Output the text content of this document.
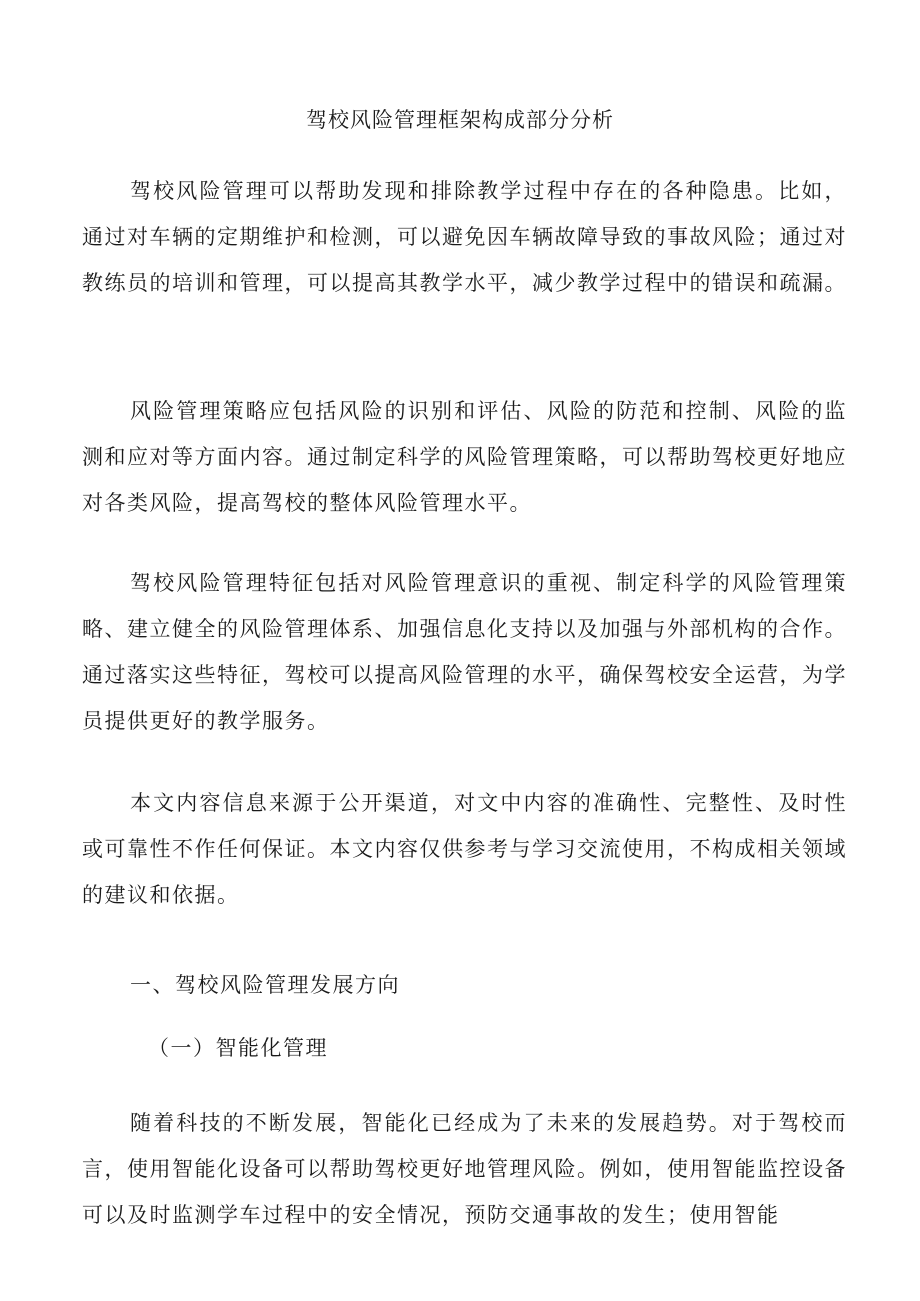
驾校风险管理框架构成部分分析

驾校风险管理可以帮助发现和排除教学过程中存在的各种隐患。比如，通过对车辆的定期维护和检测，可以避免因车辆故障导致的事故风险；通过对教练员的培训和管理，可以提高其教学水平，减少教学过程中的错误和疏漏。

风险管理策略应包括风险的识别和评估、风险的防范和控制、风险的监测和应对等方面内容。通过制定科学的风险管理策略，可以帮助驾校更好地应对各类风险，提高驾校的整体风险管理水平。

驾校风险管理特征包括对风险管理意识的重视、制定科学的风险管理策略、建立健全的风险管理体系、加强信息化支持以及加强与外部机构的合作。通过落实这些特征，驾校可以提高风险管理的水平，确保驾校安全运营，为学员提供更好的教学服务。

本文内容信息来源于公开渠道，对文中内容的准确性、完整性、及时性或可靠性不作任何保证。本文内容仅供参考与学习交流使用，不构成相关领域的建议和依据。

一、驾校风险管理发展方向
（一）智能化管理

随着科技的不断发展，智能化已经成为了未来的发展趋势。对于驾校而言，使用智能化设备可以帮助驾校更好地管理风险。例如，使用智能监控设备可以及时监测学车过程中的安全情况，预防交通事故的发生；使用智能
